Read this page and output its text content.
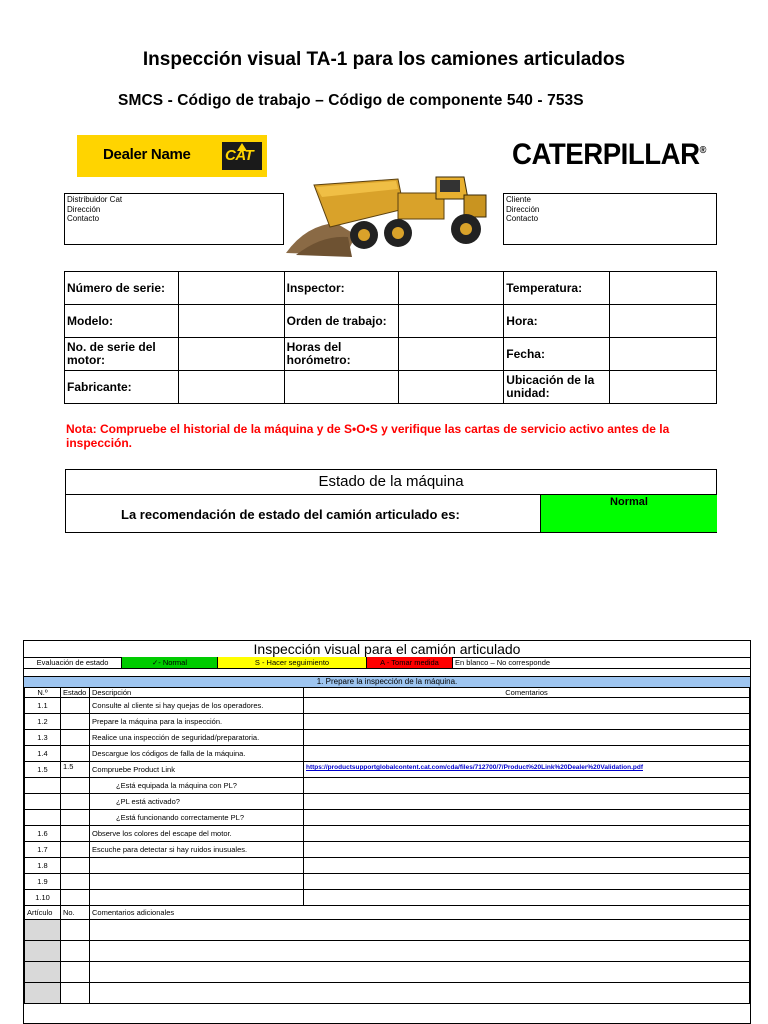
Inspección visual TA-1 para los camiones articulados
SMCS - Código de trabajo – Código de componente 540 - 753S
Dealer Name CAT	CATERPILLAR®
Distribuidor Cat
Dirección
Contacto
Cliente
Dirección
Contacto
Número de serie:		Inspector:		Temperatura:	
Modelo:		Orden de trabajo:		Hora:	
No. de serie del motor:		Horas del horómetro:		Fecha:	
Fabricante:				Ubicación de la unidad:	
Nota: Compruebe el historial de la máquina y de S•O•S y verifique las cartas de servicio activo antes de la inspección.
Estado de la máquina
La recomendación de estado del camión articulado es:
Normal
Inspección visual para el camión articulado
Evaluación de estado	✓- Normal	S - Hacer seguimiento	A - Tomar medida	En blanco – No corresponde
1. Prepare la inspección de la máquina.
N.º	Estado	Descripción	Comentarios
1.1		Consulte al cliente si hay quejas de los operadores.	
1.2		Prepare la máquina para la inspección.	
1.3		Realice una inspección de seguridad/preparatoria.	
1.4		Descargue los códigos de falla de la máquina.	
1.5	1.5	Compruebe Product Link	https://productsupportglobalcontent.cat.com/cda/files/712700/7/Product%20Link%20Dealer%20Validation.pdf
		¿Está equipada la máquina con PL?	
		¿PL está activado?	
		¿Está funcionando correctamente PL?	
1.6		Observe los colores del escape del motor.	
1.7		Escuche para detectar si hay ruidos inusuales.	
1.8			
1.9			
1.10			
Artículo	No.	Comentarios adicionales	
